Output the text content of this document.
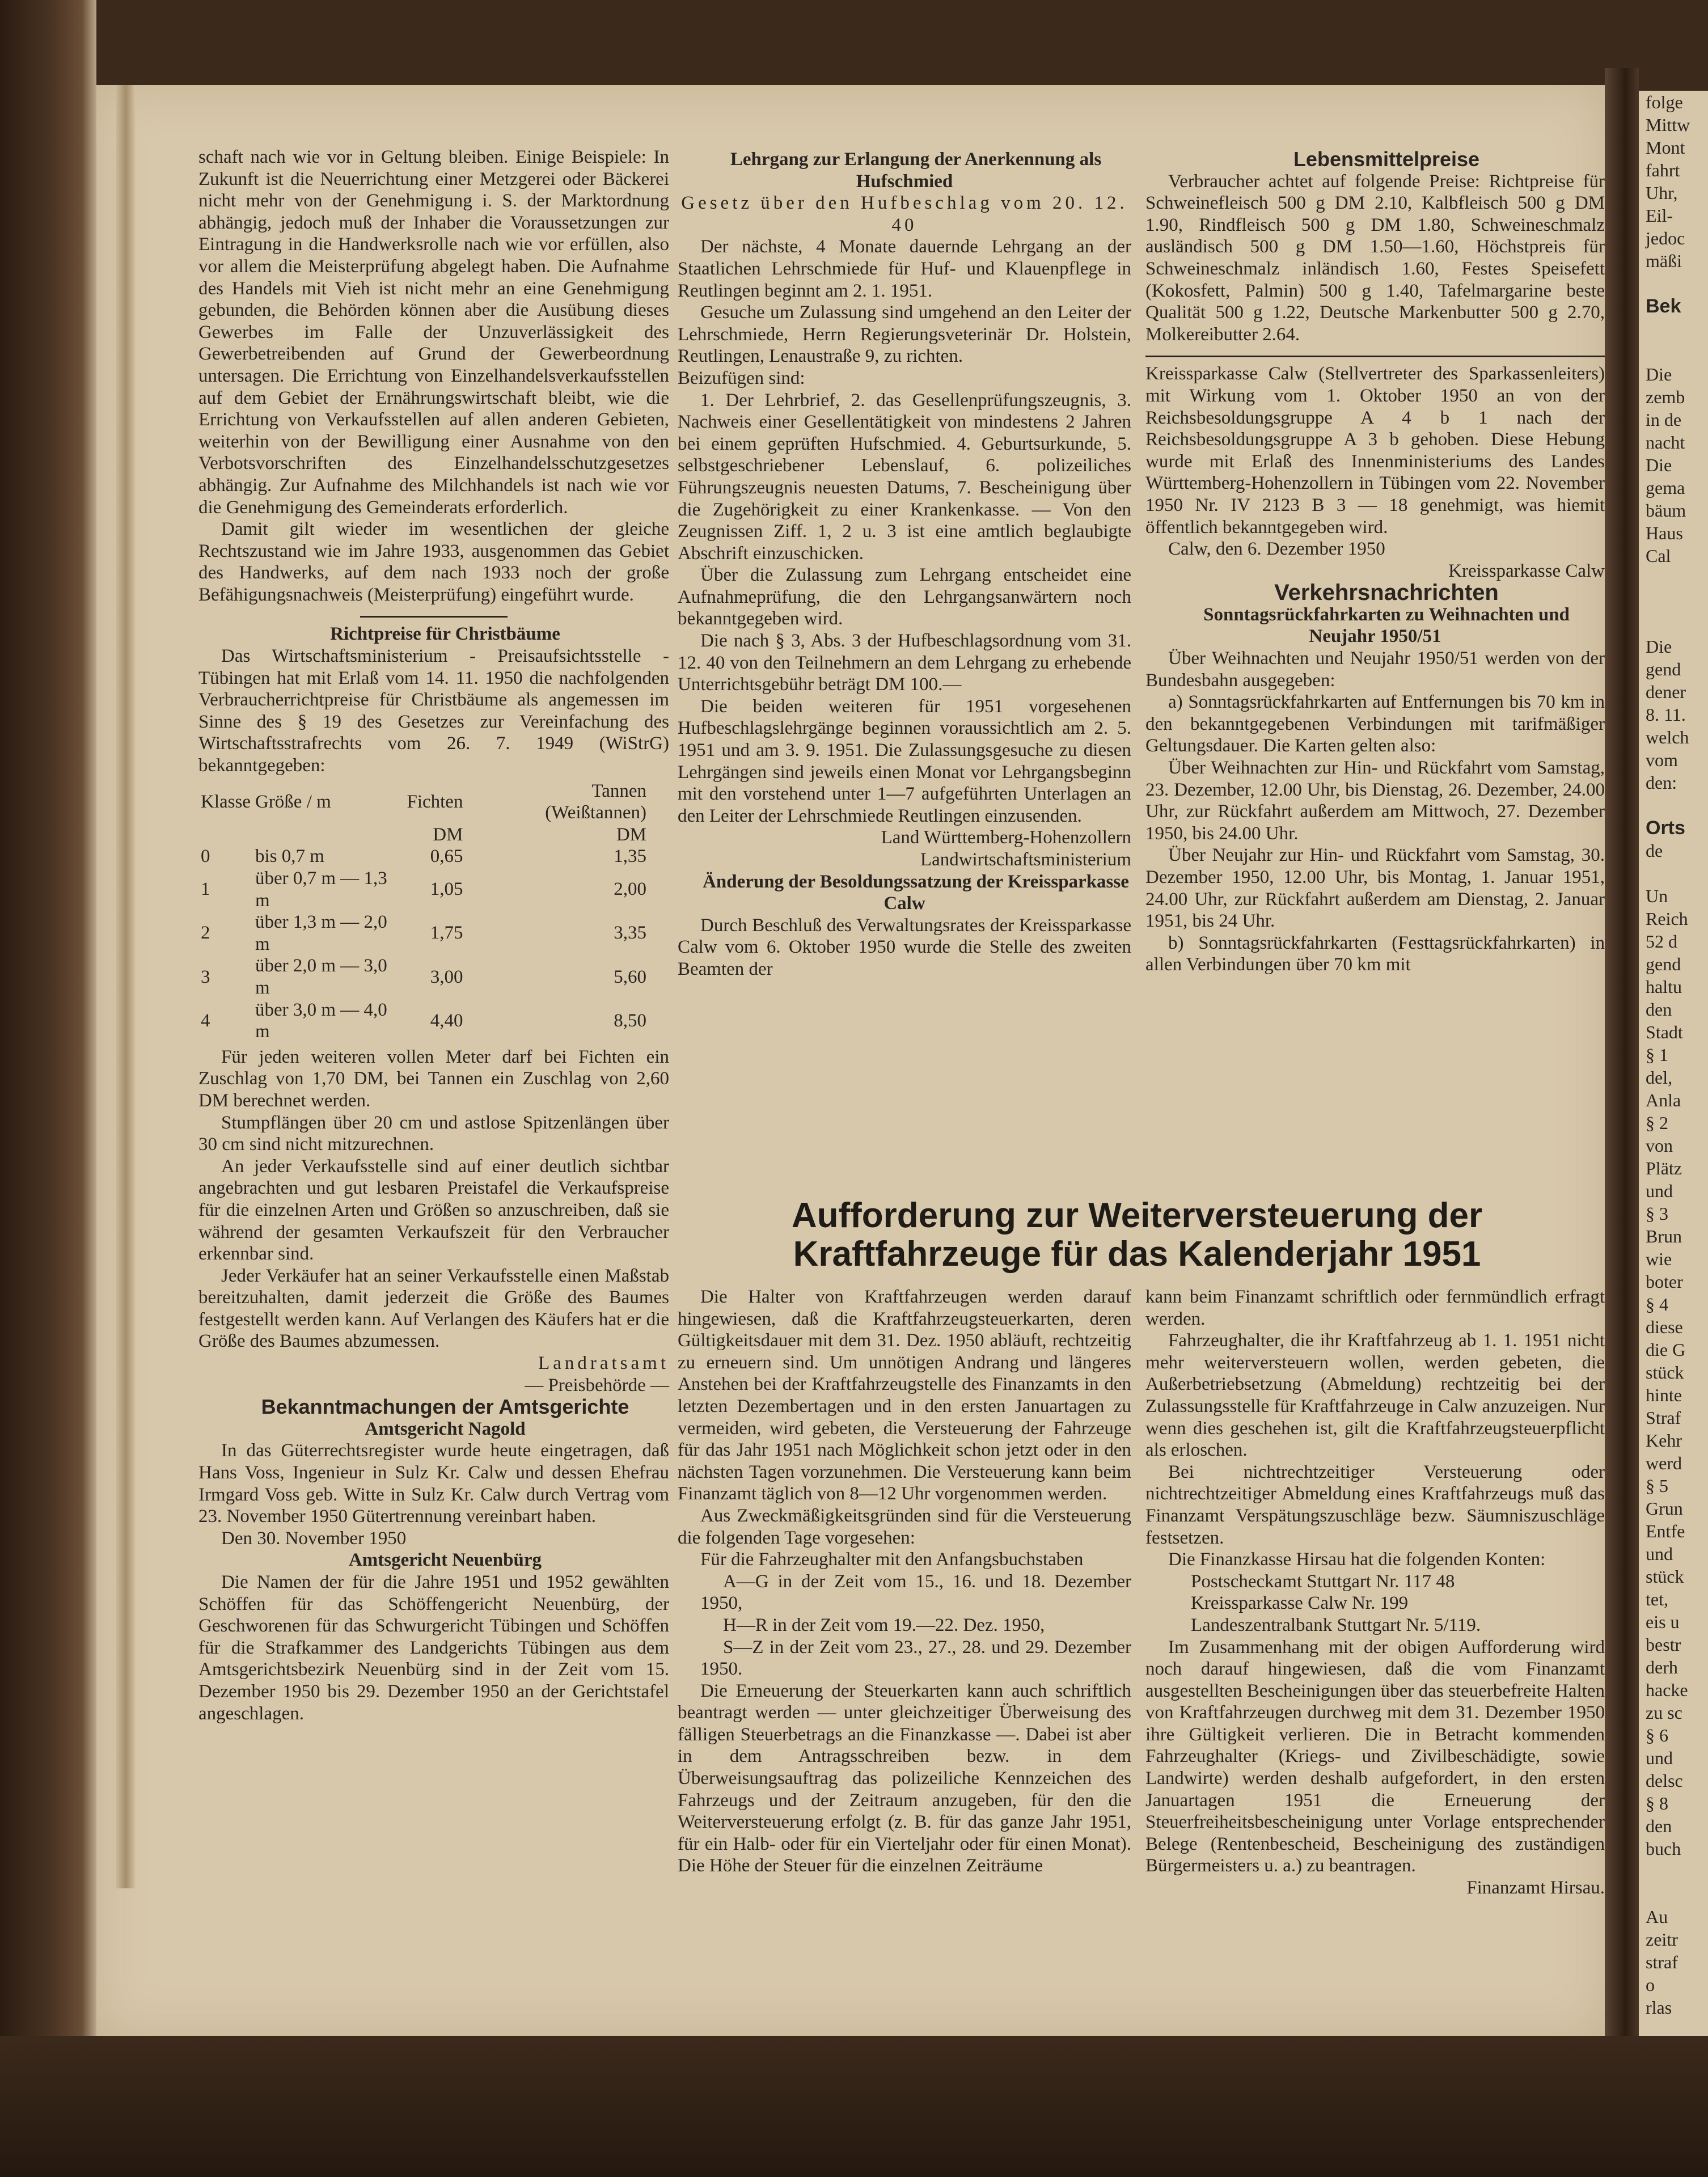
folge
Mittw
Mont
fahrt
Uhr,
Eil-
jedoc
mäßi

Bek

Die
zemb
in de
nacht
Die
gema
bäum
Haus
Cal

Die
gend
dener
8. 11.
welch
vom
den:

Orts
de

Un
Reich
52 d
gend
haltu
den
Stadt
§ 1
del,
Anla
§ 2
von
Plätz
und
§ 3
Brun
wie
boter
§ 4
diese
die G
stück
hinte
Straf
Kehr
werd
§ 5
Grun
Entfe
und
stück
tet,
eis u
bestr
derh
hacke
zu sc
§ 6
und
delsc
§ 8
den
buch

Au
zeitr
straf
o
rlas

schaft nach wie vor in Geltung bleiben. Einige Beispiele: In Zukunft ist die Neuerrichtung einer Metzgerei oder Bäckerei nicht mehr von der Genehmigung i. S. der Marktordnung abhängig, jedoch muß der Inhaber die Voraussetzungen zur Eintragung in die Handwerksrolle nach wie vor erfüllen, also vor allem die Meisterprüfung abgelegt haben. Die Aufnahme des Handels mit Vieh ist nicht mehr an eine Genehmigung gebunden, die Behörden können aber die Ausübung dieses Gewerbes im Falle der Unzuverlässigkeit des Gewerbetreibenden auf Grund der Gewerbeordnung untersagen. Die Errichtung von Einzelhandelsverkaufsstellen auf dem Gebiet der Ernährungswirtschaft bleibt, wie die Errichtung von Verkaufsstellen auf allen anderen Gebieten, weiterhin von der Bewilligung einer Ausnahme von den Verbotsvorschriften des Einzelhandelsschutzgesetzes abhängig. Zur Aufnahme des Milchhandels ist nach wie vor die Genehmigung des Gemeinderats erforderlich.

Damit gilt wieder im wesentlichen der gleiche Rechtszustand wie im Jahre 1933, ausgenommen das Gebiet des Handwerks, auf dem nach 1933 noch der große Befähigungsnachweis (Meisterprüfung) eingeführt wurde.

Richtpreise für Christbäume

Das Wirtschaftsministerium - Preisaufsichtsstelle - Tübingen hat mit Erlaß vom 14. 11. 1950 die nachfolgenden Verbraucherrichtpreise für Christbäume als angemessen im Sinne des § 19 des Gesetzes zur Vereinfachung des Wirtschaftsstrafrechts vom 26. 7. 1949 (WiStrG) bekanntgegeben:

Klasse	Größe / m	Fichten	Tannen (Weißtannen)
		DM	DM
0	bis 0,7 m	0,65	1,35
1	über 0,7 m — 1,3 m	1,05	2,00
2	über 1,3 m — 2,0 m	1,75	3,35
3	über 2,0 m — 3,0 m	3,00	5,60
4	über 3,0 m — 4,0 m	4,40	8,50

Für jeden weiteren vollen Meter darf bei Fichten ein Zuschlag von 1,70 DM, bei Tannen ein Zuschlag von 2,60 DM berechnet werden.

Stumpflängen über 20 cm und astlose Spitzenlängen über 30 cm sind nicht mitzurechnen.

An jeder Verkaufsstelle sind auf einer deutlich sichtbar angebrachten und gut lesbaren Preistafel die Verkaufspreise für die einzelnen Arten und Größen so anzuschreiben, daß sie während der gesamten Verkaufszeit für den Verbraucher erkennbar sind.

Jeder Verkäufer hat an seiner Verkaufsstelle einen Maßstab bereitzuhalten, damit jederzeit die Größe des Baumes festgestellt werden kann. Auf Verlangen des Käufers hat er die Größe des Baumes abzumessen.

Landratsamt

— Preisbehörde —

Bekanntmachungen der Amtsgerichte

Amtsgericht Nagold

In das Güterrechtsregister wurde heute eingetragen, daß Hans Voss, Ingenieur in Sulz Kr. Calw und dessen Ehefrau Irmgard Voss geb. Witte in Sulz Kr. Calw durch Vertrag vom 23. November 1950 Gütertrennung vereinbart haben.

Den 30. November 1950

Amtsgericht Neuenbürg

Die Namen der für die Jahre 1951 und 1952 gewählten Schöffen für das Schöffengericht Neuenbürg, der Geschworenen für das Schwurgericht Tübingen und Schöffen für die Strafkammer des Landgerichts Tübingen aus dem Amtsgerichtsbezirk Neuenbürg sind in der Zeit vom 15. Dezember 1950 bis 29. Dezember 1950 an der Gerichtstafel angeschlagen.

Lehrgang zur Erlangung der Anerkennung als Hufschmied

Gesetz über den Hufbeschlag vom 20. 12. 40

Der nächste, 4 Monate dauernde Lehrgang an der Staatlichen Lehrschmiede für Huf- und Klauenpflege in Reutlingen beginnt am 2. 1. 1951.

Gesuche um Zulassung sind umgehend an den Leiter der Lehrschmiede, Herrn Regierungsveterinär Dr. Holstein, Reutlingen, Lenaustraße 9, zu richten.

Beizufügen sind:

1. Der Lehrbrief, 2. das Gesellenprüfungszeugnis, 3. Nachweis einer Gesellentätigkeit von mindestens 2 Jahren bei einem geprüften Hufschmied. 4. Geburtsurkunde, 5. selbstgeschriebener Lebenslauf, 6. polizeiliches Führungszeugnis neuesten Datums, 7. Bescheinigung über die Zugehörigkeit zu einer Krankenkasse. — Von den Zeugnissen Ziff. 1, 2 u. 3 ist eine amtlich beglaubigte Abschrift einzuschicken.

Über die Zulassung zum Lehrgang entscheidet eine Aufnahmeprüfung, die den Lehrgangsanwärtern noch bekanntgegeben wird.

Die nach § 3, Abs. 3 der Hufbeschlagsordnung vom 31. 12. 40 von den Teilnehmern an dem Lehrgang zu erhebende Unterrichtsgebühr beträgt DM 100.—

Die beiden weiteren für 1951 vorgesehenen Hufbeschlagslehrgänge beginnen voraussichtlich am 2. 5. 1951 und am 3. 9. 1951. Die Zulassungsgesuche zu diesen Lehrgängen sind jeweils einen Monat vor Lehrgangsbeginn mit den vorstehend unter 1—7 aufgeführten Unterlagen an den Leiter der Lehrschmiede Reutlingen einzusenden.

Land Württemberg-Hohenzollern

Landwirtschaftsministerium

Änderung der Besoldungssatzung der Kreissparkasse Calw

Durch Beschluß des Verwaltungsrates der Kreissparkasse Calw vom 6. Oktober 1950 wurde die Stelle des zweiten Beamten der

Lebensmittelpreise

Verbraucher achtet auf folgende Preise: Richtpreise für Schweinefleisch 500 g DM 2.10, Kalbfleisch 500 g DM 1.90, Rindfleisch 500 g DM 1.80, Schweineschmalz ausländisch 500 g DM 1.50—1.60, Höchstpreis für Schweineschmalz inländisch 1.60, Festes Speisefett (Kokosfett, Palmin) 500 g 1.40, Tafelmargarine beste Qualität 500 g 1.22, Deutsche Markenbutter 500 g 2.70, Molkereibutter 2.64.

Kreissparkasse Calw (Stellvertreter des Sparkassenleiters) mit Wirkung vom 1. Oktober 1950 an von der Reichsbesoldungsgruppe A 4 b 1 nach der Reichsbesoldungsgruppe A 3 b gehoben. Diese Hebung wurde mit Erlaß des Innenministeriums des Landes Württemberg-Hohenzollern in Tübingen vom 22. November 1950 Nr. IV 2123 B 3 — 18 genehmigt, was hiemit öffentlich bekanntgegeben wird.

Calw, den 6. Dezember 1950

Kreissparkasse Calw

Verkehrsnachrichten

Sonntagsrückfahrkarten zu Weihnachten und Neujahr 1950/51

Über Weihnachten und Neujahr 1950/51 werden von der Bundesbahn ausgegeben:

a) Sonntagsrückfahrkarten auf Entfernungen bis 70 km in den bekanntgegebenen Verbindungen mit tarifmäßiger Geltungsdauer. Die Karten gelten also:

Über Weihnachten zur Hin- und Rückfahrt vom Samstag, 23. Dezember, 12.00 Uhr, bis Dienstag, 26. Dezember, 24.00 Uhr, zur Rückfahrt außerdem am Mittwoch, 27. Dezember 1950, bis 24.00 Uhr.

Über Neujahr zur Hin- und Rückfahrt vom Samstag, 30. Dezember 1950, 12.00 Uhr, bis Montag, 1. Januar 1951, 24.00 Uhr, zur Rückfahrt außerdem am Dienstag, 2. Januar 1951, bis 24 Uhr.

b) Sonntagsrückfahrkarten (Festtagsrückfahrkarten) in allen Verbindungen über 70 km mit

Aufforderung zur Weiterversteuerung der Kraftfahrzeuge für das Kalenderjahr 1951

Die Halter von Kraftfahrzeugen werden darauf hingewiesen, daß die Kraftfahrzeugsteuerkarten, deren Gültigkeitsdauer mit dem 31. Dez. 1950 abläuft, rechtzeitig zu erneuern sind. Um unnötigen Andrang und längeres Anstehen bei der Kraftfahrzeugstelle des Finanzamts in den letzten Dezembertagen und in den ersten Januartagen zu vermeiden, wird gebeten, die Versteuerung der Fahrzeuge für das Jahr 1951 nach Möglichkeit schon jetzt oder in den nächsten Tagen vorzunehmen. Die Versteuerung kann beim Finanzamt täglich von 8—12 Uhr vorgenommen werden.

Aus Zweckmäßigkeitsgründen sind für die Versteuerung die folgenden Tage vorgesehen:

Für die Fahrzeughalter mit den Anfangsbuchstaben

A—G in der Zeit vom 15., 16. und 18. Dezember 1950,

H—R in der Zeit vom 19.—22. Dez. 1950,

S—Z in der Zeit vom 23., 27., 28. und 29. Dezember 1950.

Die Erneuerung der Steuerkarten kann auch schriftlich beantragt werden — unter gleichzeitiger Überweisung des fälligen Steuerbetrags an die Finanzkasse —. Dabei ist aber in dem Antragsschreiben bezw. in dem Überweisungsauftrag das polizeiliche Kennzeichen des Fahrzeugs und der Zeitraum anzugeben, für den die Weiterversteuerung erfolgt (z. B. für das ganze Jahr 1951, für ein Halb- oder für ein Vierteljahr oder für einen Monat). Die Höhe der Steuer für die einzelnen Zeiträume

kann beim Finanzamt schriftlich oder fernmündlich erfragt werden.

Fahrzeughalter, die ihr Kraftfahrzeug ab 1. 1. 1951 nicht mehr weiterversteuern wollen, werden gebeten, die Außerbetriebsetzung (Abmeldung) rechtzeitig bei der Zulassungsstelle für Kraftfahrzeuge in Calw anzuzeigen. Nur wenn dies geschehen ist, gilt die Kraftfahrzeugsteuerpflicht als erloschen.

Bei nichtrechtzeitiger Versteuerung oder nichtrechtzeitiger Abmeldung eines Kraftfahrzeugs muß das Finanzamt Verspätungszuschläge bezw. Säumniszuschläge festsetzen.

Die Finanzkasse Hirsau hat die folgenden Konten:

Postscheckamt Stuttgart Nr. 117 48

Kreissparkasse Calw Nr. 199

Landeszentralbank Stuttgart Nr. 5/119.

Im Zusammenhang mit der obigen Aufforderung wird noch darauf hingewiesen, daß die vom Finanzamt ausgestellten Bescheinigungen über das steuerbefreite Halten von Kraftfahrzeugen durchweg mit dem 31. Dezember 1950 ihre Gültigkeit verlieren. Die in Betracht kommenden Fahrzeughalter (Kriegs- und Zivilbeschädigte, sowie Landwirte) werden deshalb aufgefordert, in den ersten Januartagen 1951 die Erneuerung der Steuerfreiheitsbescheinigung unter Vorlage entsprechender Belege (Rentenbescheid, Bescheinigung des zuständigen Bürgermeisters u. a.) zu beantragen.

Finanzamt Hirsau.
